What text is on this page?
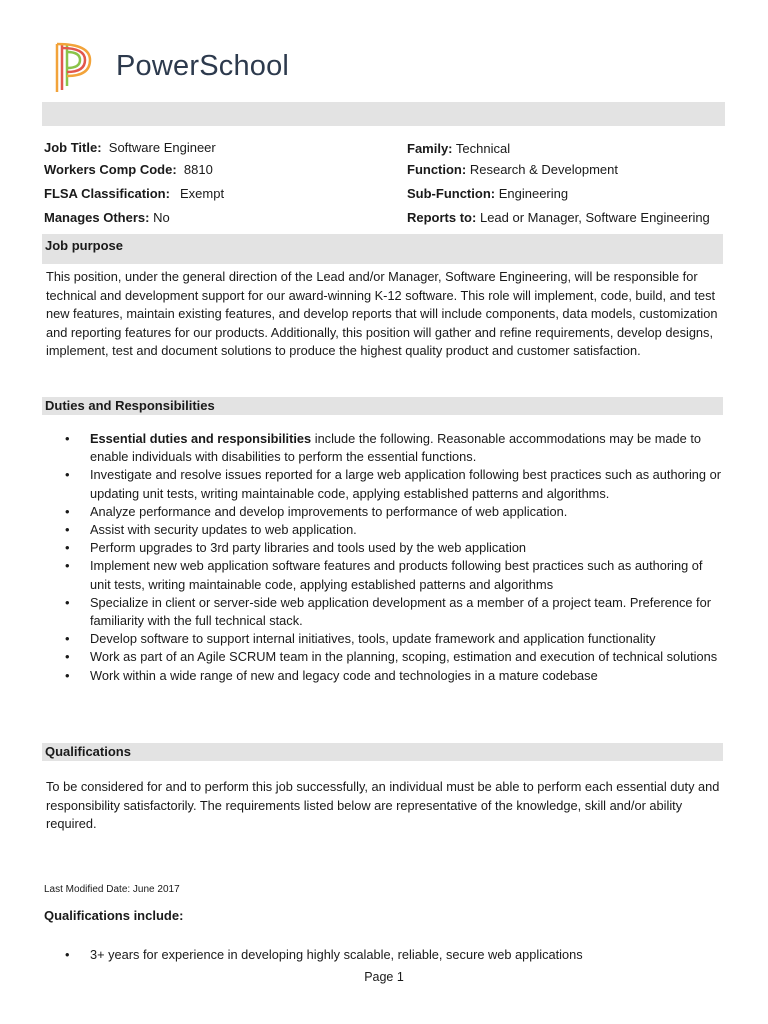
PowerSchool
Job Title: Software Engineer
Workers Comp Code: 8810
FLSA Classification: Exempt
Manages Others: No
Family: Technical
Function: Research & Development
Sub-Function: Engineering
Reports to: Lead or Manager, Software Engineering
Job purpose
This position, under the general direction of the Lead and/or Manager, Software Engineering, will be responsible for technical and development support for our award-winning K-12 software. This role will implement, code, build, and test new features, maintain existing features, and develop reports that will include components, data models, customization and reporting features for our products. Additionally, this position will gather and refine requirements, develop designs, implement, test and document solutions to produce the highest quality product and customer satisfaction.
Duties and Responsibilities
• Essential duties and responsibilities include the following. Reasonable accommodations may be made to enable individuals with disabilities to perform the essential functions.
• Investigate and resolve issues reported for a large web application following best practices such as authoring or updating unit tests, writing maintainable code, applying established patterns and algorithms.
• Analyze performance and develop improvements to performance of web application.
• Assist with security updates to web application.
• Perform upgrades to 3rd party libraries and tools used by the web application
• Implement new web application software features and products following best practices such as authoring of unit tests, writing maintainable code, applying established patterns and algorithms
• Specialize in client or server-side web application development as a member of a project team. Preference for familiarity with the full technical stack.
• Develop software to support internal initiatives, tools, update framework and application functionality
• Work as part of an Agile SCRUM team in the planning, scoping, estimation and execution of technical solutions
• Work within a wide range of new and legacy code and technologies in a mature codebase
Qualifications
To be considered for and to perform this job successfully, an individual must be able to perform each essential duty and responsibility satisfactorily. The requirements listed below are representative of the knowledge, skill and/or ability required.
Last Modified Date: June 2017
Qualifications include:
• 3+ years for experience in developing highly scalable, reliable, secure web applications
Page 1
